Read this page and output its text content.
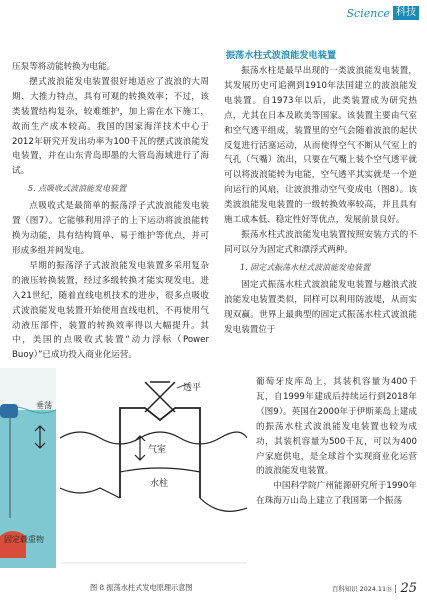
Science 科技

压泵等将动能转换为电能。

摆式波浪能发电装置很好地适应了波浪的大周期、大推力特点，具有可观的转换效率；不过，该类装置结构复杂，较难维护，加上需在水下施工，故而生产成本较高。我国的国家海洋技术中心于2012年研究开发出功率为100千瓦的摆式波浪能发电装置，并在山东青岛即墨的大管岛海域进行了海试。

5. 点吸收式波浪能发电装置

点吸收式是最简单的振荡浮子式波浪能发电装置（图7）。它能够利用浮子的上下运动将波浪能转换为动能，具有结构简单、易于维护等优点，并可形成多组并网发电。

早期的振荡浮子式波浪能发电装置多采用复杂的液压转换装置，经过多级转换才能实现发电。进入21世纪，随着直线电机技术的进步，很多点吸收式波浪能发电装置开始使用直线电机，不再使用气动液压部件，装置的转换效率得以大幅提升。其中，美国的点吸收式装置“动力浮标（Power Buoy）”已成功投入商业化运营。

振荡水柱式波浪能发电装置

振荡水柱是最早出现的一类波浪能发电装置，其发展历史可追溯到1910年法国建立的波浪能发电装置。自1973年以后，此类装置成为研究热点，尤其在日本及欧美等国家。该装置主要由气室和空气透平组成，装置里的空气会随着波浪的起伏反复进行活塞运动，从而使得空气不断从气室上的气孔（气嘴）流出，只要在气嘴上装个空气透平就可以将波浪能转为电能，空气透平其实就是一个逆向运行的风扇，让波浪推动空气变成电（图8）。该类波浪能发电装置的一级转换效率较高，并且具有施工成本低、稳定性好等优点，发展前景良好。

振荡水柱式波浪能发电装置按照安装方式的不同可以分为固定式和漂浮式两种。

1. 固定式振荡水柱式波浪能发电装置

固定式振荡水柱式波浪能发电装置与越浪式波浪能发电装置类似，同样可以利用防波堤，从而实现双赢。世界上最典型的固定式振荡水柱式波浪能发电装置位于

葡萄牙皮库岛上，其装机容量为400千瓦，自1999年建成后持续运行到2018年（图9）。英国在2000年于伊斯莱岛上建成的振荡水柱式波浪能发电装置也较为成功，其装机容量为500千瓦，可以为400户家庭供电，是全球首个实现商业化运营的波浪能发电装置。

中国科学院广州能源研究所于1990年在珠海万山岛上建立了我国第一个振荡

垂荡
固定载重物
透平
气室
水柱
图 8 振荡水柱式发电原理示意图	百科知识 2024.11Ⓑ 25
